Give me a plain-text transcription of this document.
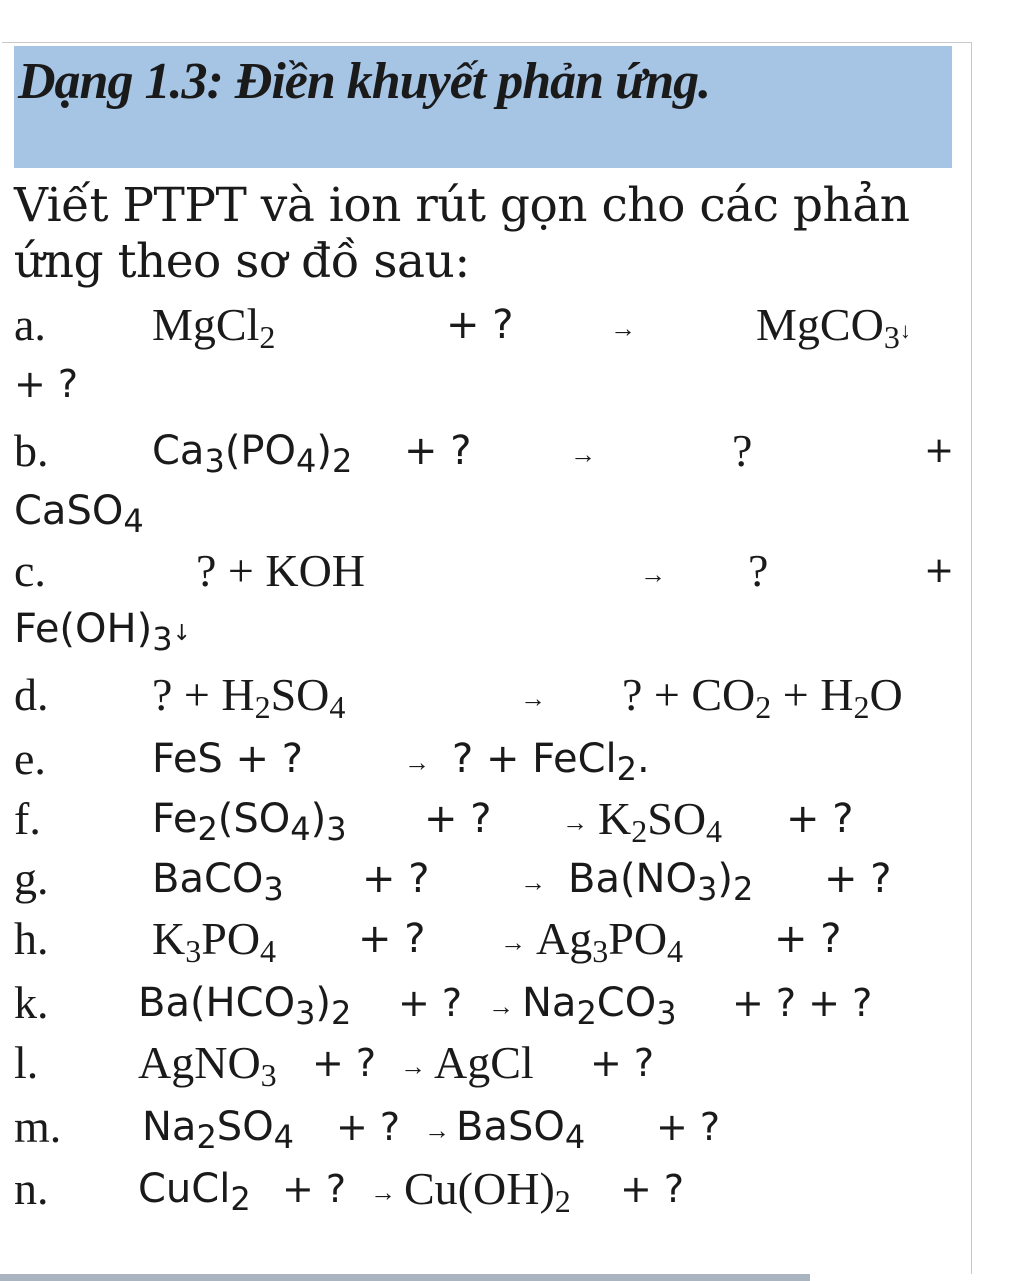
Dạng 1.3: Điền khuyết phản ứng.
Viết PTPT và ion rút gọn cho các phản ứng theo sơ đồ sau:
a. MgCl$_2$	+ ?	→	MgCO$_3$↓
+ ?
b.	$Ca_3(PO_4)_2$ + ?	→	?	+
CaSO$_4$
c.	? + KOH	→ ?	+
$Fe(OH)_3↓$
d. ? + $H_2SO_4$	→ ? + $CO_2 + H_2O$
e.	FeS + ?	→ ? + FeCl$_2$.
f.	$Fe_2(SO_4)_3$ + ?	→ $K_2SO_4$ + ?
g.	BaCO$_3$ + ?	→ $Ba(NO_3)_2$ + ?
h. $K_3PO_4$ + ?	→ $Ag_3PO_4$ + ?
k. $Ba(HCO_3)_2$ + ? → $Na_2CO_3$ + ? + ?
l. AgNO$_3$ + ? → AgCl + ?
m. $Na_2SO_4$ + ? → BaSO$_4$ + ?
n. CuCl$_2$ + ? → $Cu(OH)_2$ + ?
